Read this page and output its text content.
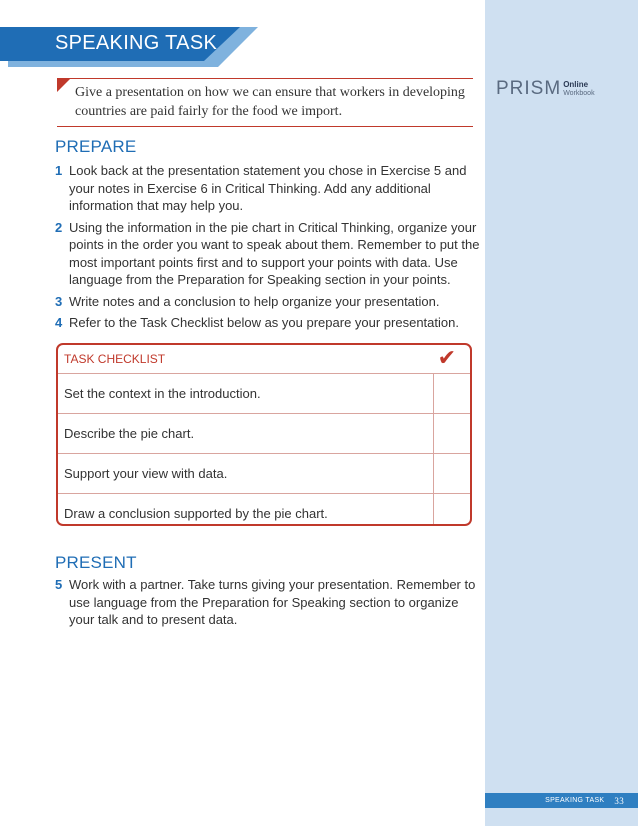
SPEAKING TASK
Give a presentation on how we can ensure that workers in developing countries are paid fairly for the food we import.
PRISM Online
Workbook
PREPARE
1 Look back at the presentation statement you chose in Exercise 5 and your notes in Exercise 6 in Critical Thinking. Add any additional information that may help you.
2 Using the information in the pie chart in Critical Thinking, organize your points in the order you want to speak about them. Remember to put the most important points first and to support your points with data. Use language from the Preparation for Speaking section in your points.
3 Write notes and a conclusion to help organize your presentation.
4 Refer to the Task Checklist below as you prepare your presentation.
TASK CHECKLIST	✔
Set the context in the introduction.
Describe the pie chart.
Support your view with data.
Draw a conclusion supported by the pie chart.
PRESENT
5 Work with a partner. Take turns giving your presentation. Remember to use language from the Preparation for Speaking section to organize your talk and to present data.
SPEAKING TASK 33
